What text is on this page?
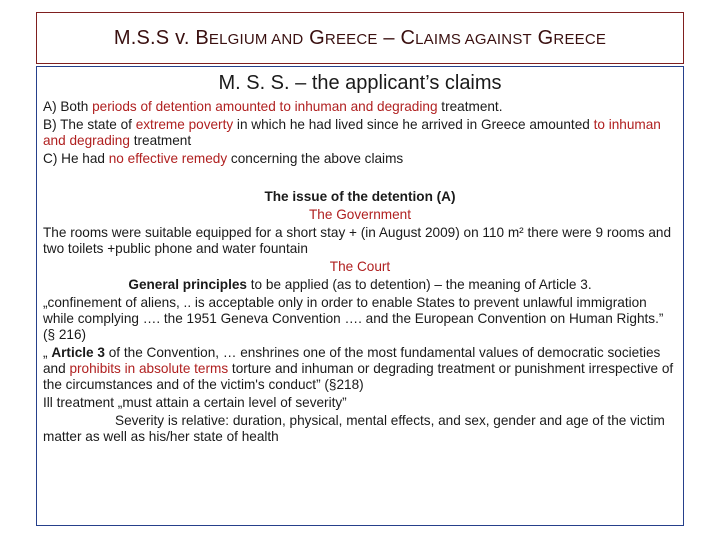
M.S.S v. BELGIUM AND GREECE – CLAIMS AGAINST GREECE
M. S. S. – the applicant’s claims

A) Both periods of detention amounted to inhuman and degrading treatment.

B) The state of extreme poverty in which he had lived since he arrived in Greece amounted to inhuman and degrading treatment

C) He had no effective remedy concerning the above claims

The issue of the detention (A)

The Government

The rooms were suitable equipped for a short stay + (in August 2009) on 110 m² there were 9 rooms and two toilets +public phone and water fountain

The Court

General principles to be applied (as to detention) – the meaning of Article 3.

„confinement of aliens, .. is acceptable only in order to enable States to prevent unlawful immigration while complying …. the 1951 Geneva Convention …. and the European Convention on Human Rights.” (§ 216)

„ Article 3 of the Convention, … enshrines one of the most fundamental values of democratic societies and prohibits in absolute terms torture and inhuman or degrading treatment or punishment irrespective of the circumstances and of the victim's conduct” (§218)

Ill treatment „must attain a certain level of severity”

Severity is relative: duration, physical, mental effects, and sex, gender and age of the victim matter as well as his/her state of health
